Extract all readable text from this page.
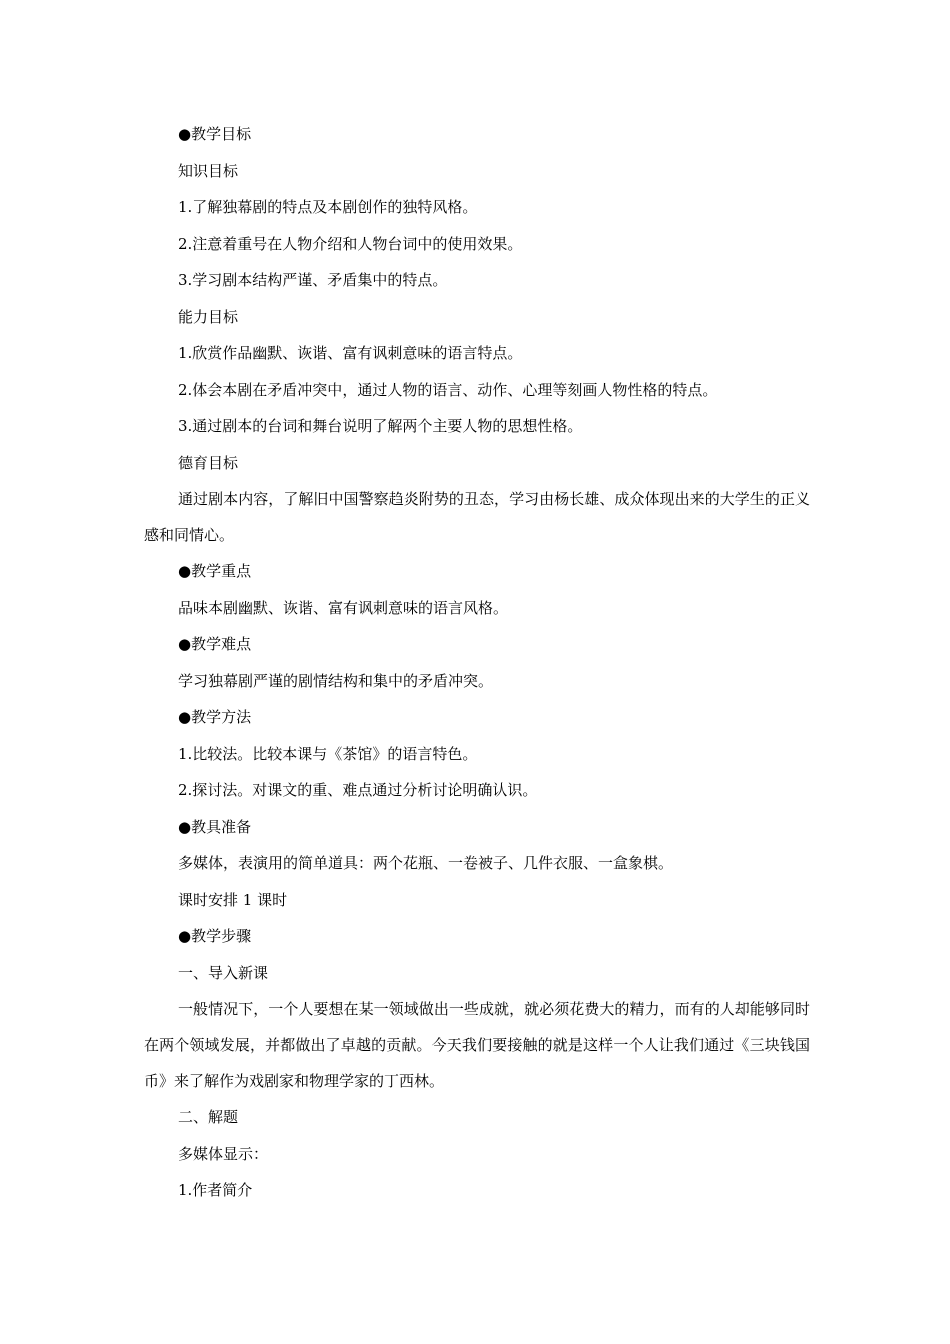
●教学目标

知识目标

1.了解独幕剧的特点及本剧创作的独特风格。

2.注意着重号在人物介绍和人物台词中的使用效果。

3.学习剧本结构严谨、矛盾集中的特点。

能力目标

1.欣赏作品幽默、诙谐、富有讽刺意味的语言特点。

2.体会本剧在矛盾冲突中，通过人物的语言、动作、心理等刻画人物性格的特点。

3.通过剧本的台词和舞台说明了解两个主要人物的思想性格。

德育目标

通过剧本内容，了解旧中国警察趋炎附势的丑态，学习由杨长雄、成众体现出来的大学生的正义感和同情心。

●教学重点

品味本剧幽默、诙谐、富有讽刺意味的语言风格。

●教学难点

学习独幕剧严谨的剧情结构和集中的矛盾冲突。

●教学方法

1.比较法。比较本课与《茶馆》的语言特色。

2.探讨法。对课文的重、难点通过分析讨论明确认识。

●教具准备

多媒体，表演用的简单道具：两个花瓶、一卷被子、几件衣服、一盒象棋。

课时安排 1 课时

●教学步骤

一、导入新课

一般情况下，一个人要想在某一领域做出一些成就，就必须花费大的精力，而有的人却能够同时在两个领域发展，并都做出了卓越的贡献。今天我们要接触的就是这样一个人让我们通过《三块钱国币》来了解作为戏剧家和物理学家的丁西林。

二、解题

多媒体显示：

1.作者简介
